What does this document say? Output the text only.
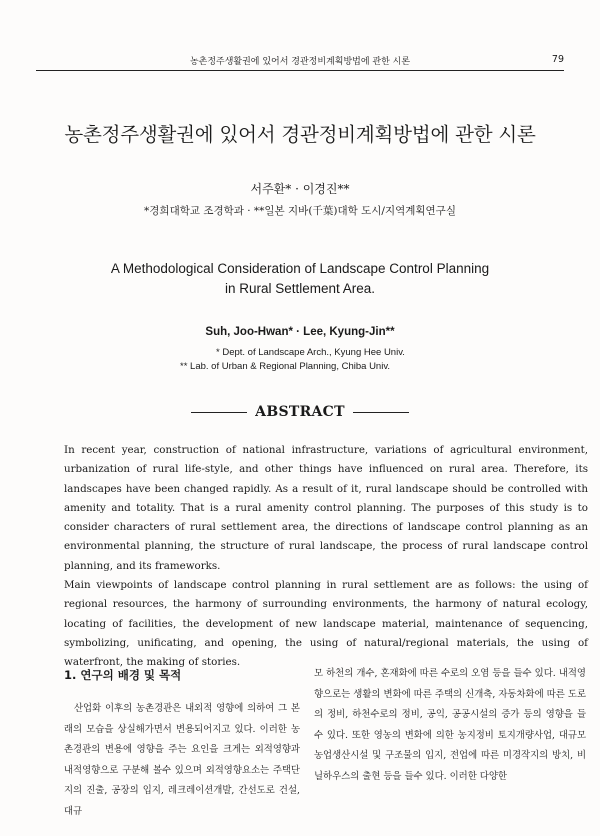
농촌정주생활권에 있어서 경관정비계획방법에 관한 시론	79
농촌정주생활권에 있어서 경관정비계획방법에 관한 시론
서주환* · 이경진**
*경희대학교 조경학과 · **일본 지바(千葉)대학 도시/지역계획연구실
A Methodological Consideration of Landscape Control Planning
in Rural Settlement Area.
Suh, Joo-Hwan* · Lee, Kyung-Jin**
* Dept. of Landscape Arch., Kyung Hee Univ.
** Lab. of Urban & Regional Planning, Chiba Univ.
ABSTRACT

In recent year, construction of national infrastructure, variations of agricultural environment, urbanization of rural life-style, and other things have influenced on rural area. Therefore, its landscapes have been changed rapidly. As a result of it, rural landscape should be controlled with amenity and totality. That is a rural amenity control planning. The purposes of this study is to consider characters of rural settlement area, the directions of landscape control planning as an environmental planning, the structure of rural landscape, the process of rural landscape control planning, and its frameworks.

Main viewpoints of landscape control planning in rural settlement are as follows: the using of regional resources, the harmony of surrounding environments, the harmony of natural ecology, locating of facilities, the development of new landscape material, maintenance of sequencing, symbolizing, unificating, and opening, the using of natural/regional materials, the using of waterfront, the making of stories.

1. 연구의 배경 및 목적
산업화 이후의 농촌경관은 내외적 영향에 의하여 그 본래의 모습을 상실해가면서 변용되어지고 있다. 이러한 농촌경관의 변용에 영향을 주는 요인을 크게는 외적영향과 내적영향으로 구분해 볼수 있으며 외적영향요소는 주택단지의 진출, 공장의 입지, 레크레이션개발, 간선도로 건설, 대규
모 하천의 개수, 혼재화에 따른 수로의 오염 등을 들수 있다. 내적영향으로는 생활의 변화에 따른 주택의 신개축, 자동차화에 따른 도로의 정비, 하천수로의 정비, 공익, 공공시설의 증가 등의 영향을 들 수 있다. 또한 영농의 변화에 의한 농지정비 토지개량사업, 대규모 농업생산시설 및 구조물의 입지, 전업에 따른 미경작지의 방치, 비닐하우스의 출현 등을 들수 있다. 이러한 다양한
